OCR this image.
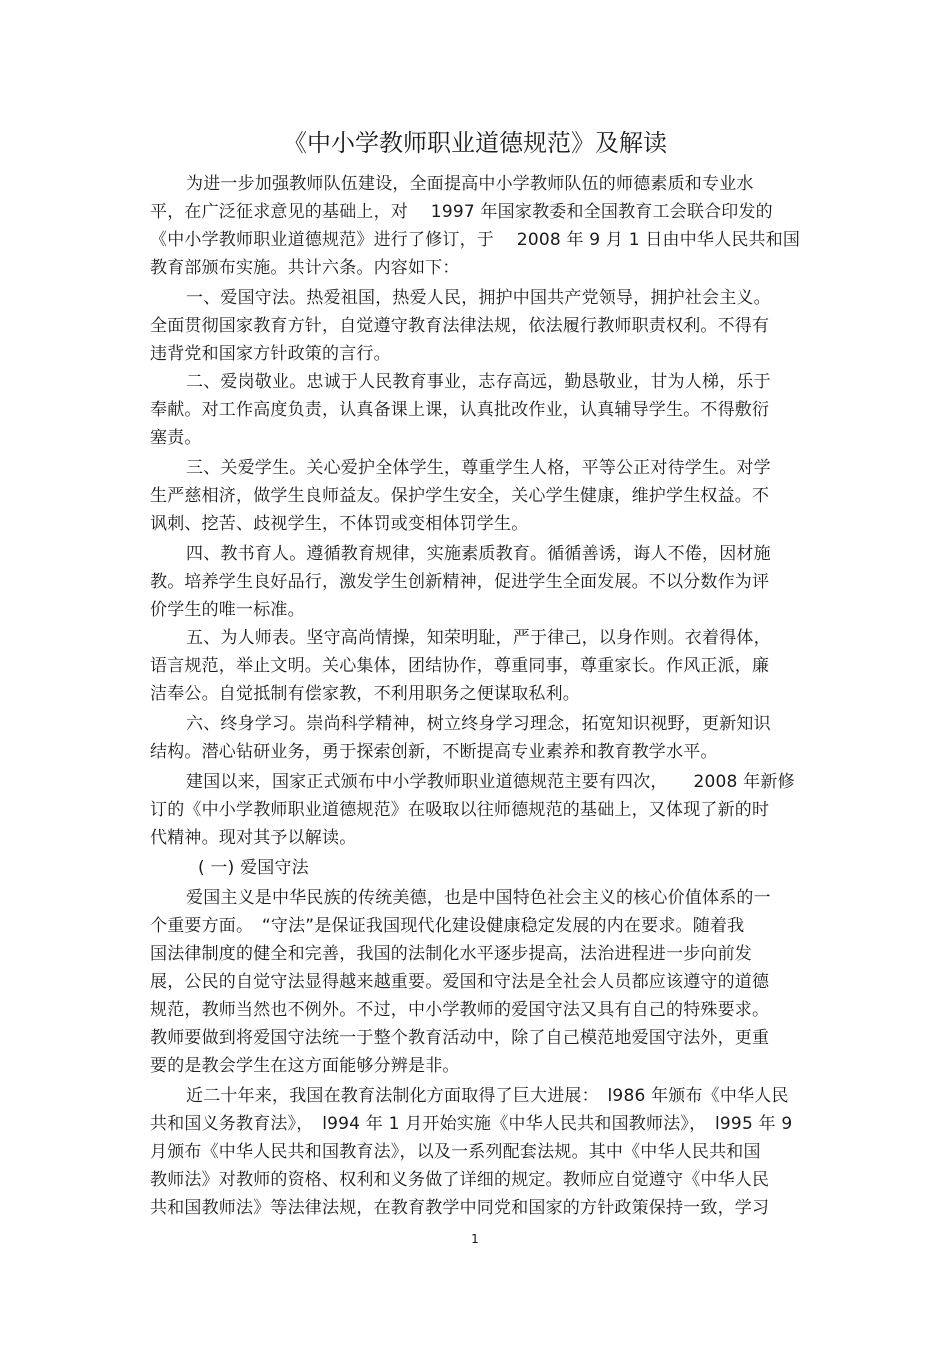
《中小学教师职业道德规范》及解读
为进一步加强教师队伍建设，全面提高中小学教师队伍的师德素质和专业水
平，在广泛征求意见的基础上，对　 1997 年国家教委和全国教育工会联合印发的
《中小学教师职业道德规范》进行了修订，于　 2008 年 9 月 1 日由中华人民共和国
教育部颁布实施。共计六条。内容如下：
一、爱国守法。热爱祖国，热爱人民，拥护中国共产党领导，拥护社会主义。
全面贯彻国家教育方针，自觉遵守教育法律法规，依法履行教师职责权利。不得有
违背党和国家方针政策的言行。
二、爱岗敬业。忠诚于人民教育事业，志存高远，勤恳敬业，甘为人梯，乐于
奉献。对工作高度负责，认真备课上课，认真批改作业，认真辅导学生。不得敷衍
塞责。
三、关爱学生。关心爱护全体学生，尊重学生人格，平等公正对待学生。对学
生严慈相济，做学生良师益友。保护学生安全，关心学生健康，维护学生权益。不
讽刺、挖苦、歧视学生，不体罚或变相体罚学生。
四、教书育人。遵循教育规律，实施素质教育。循循善诱，诲人不倦，因材施
教。培养学生良好品行，激发学生创新精神，促进学生全面发展。不以分数作为评
价学生的唯一标准。
五、为人师表。坚守高尚情操，知荣明耻，严于律己，以身作则。衣着得体，
语言规范，举止文明。关心集体，团结协作，尊重同事，尊重家长。作风正派，廉
洁奉公。自觉抵制有偿家教，不利用职务之便谋取私利。
六、终身学习。崇尚科学精神，树立终身学习理念，拓宽知识视野，更新知识
结构。潜心钻研业务，勇于探索创新，不断提高专业素养和教育教学水平。
建国以来，国家正式颁布中小学教师职业道德规范主要有四次，　　2008 年新修
订的《中小学教师职业道德规范》在吸取以往师德规范的基础上，又体现了新的时
代精神。现对其予以解读。
( 一) 爱国守法
爱国主义是中华民族的传统美德，也是中国特色社会主义的核心价值体系的一
个重要方面。　“守法”是保证我国现代化建设健康稳定发展的内在要求。随着我
国法律制度的健全和完善，我国的法制化水平逐步提高，法治进程进一步向前发
展，公民的自觉守法显得越来越重要。爱国和守法是全社会人员都应该遵守的道德
规范，教师当然也不例外。不过，中小学教师的爱国守法又具有自己的特殊要求。
教师要做到将爱国守法统一于整个教育活动中，除了自己模范地爱国守法外，更重
要的是教会学生在这方面能够分辨是非。
近二十年来，我国在教育法制化方面取得了巨大进展：　l986 年颁布《中华人民
共和国义务教育法》，　l994 年 1 月开始实施《中华人民共和国教师法》，　l995 年 9
月颁布《中华人民共和国教育法》，以及一系列配套法规。其中《中华人民共和国
教师法》对教师的资格、权利和义务做了详细的规定。教师应自觉遵守《中华人民
共和国教师法》等法律法规，在教育教学中同党和国家的方针政策保持一致，学习
1
